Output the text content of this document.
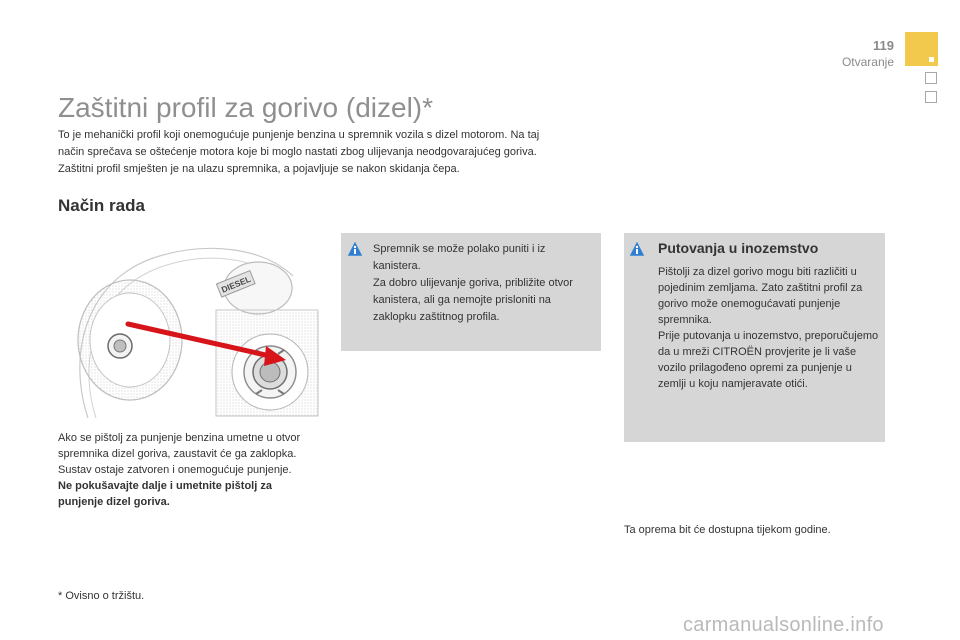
119
Otvaranje
Zaštitni profil za gorivo (dizel)*

To je mehanički profil koji onemogućuje punjenje benzina u spremnik vozila s dizel motorom. Na taj

način sprečava se oštećenje motora koje bi moglo nastati zbog ulijevanja neodgovarajućeg goriva.

Zaštitni profil smješten je na ulazu spremnika, a pojavljuje se nakon skidanja čepa.

Način rada
DIESEL
Ako se pištolj za punjenje benzina umetne u otvor spremnika dizel goriva, zaustavit će ga zaklopka. Sustav ostaje zatvoren i onemogućuje punjenje.
Ne pokušavajte dalje i umetnite pištolj za punjenje dizel goriva.
* Ovisno o tržištu.
Spremnik se može polako puniti i iz kanistera.
Za dobro ulijevanje goriva, približite otvor kanistera, ali ga nemojte prisloniti na zaklopku zaštitnog profila.
Putovanja u inozemstvo
Pištolji za dizel gorivo mogu biti različiti u pojedinim zemljama. Zato zaštitni profil za gorivo može onemogućavati punjenje spremnika.
Prije putovanja u inozemstvo, preporučujemo da u mreži CITROËN provjerite je li vaše vozilo prilagođeno opremi za punjenje u zemlji u koju namjeravate otići.
Ta oprema bit će dostupna tijekom godine.
carmanualsonline.info
